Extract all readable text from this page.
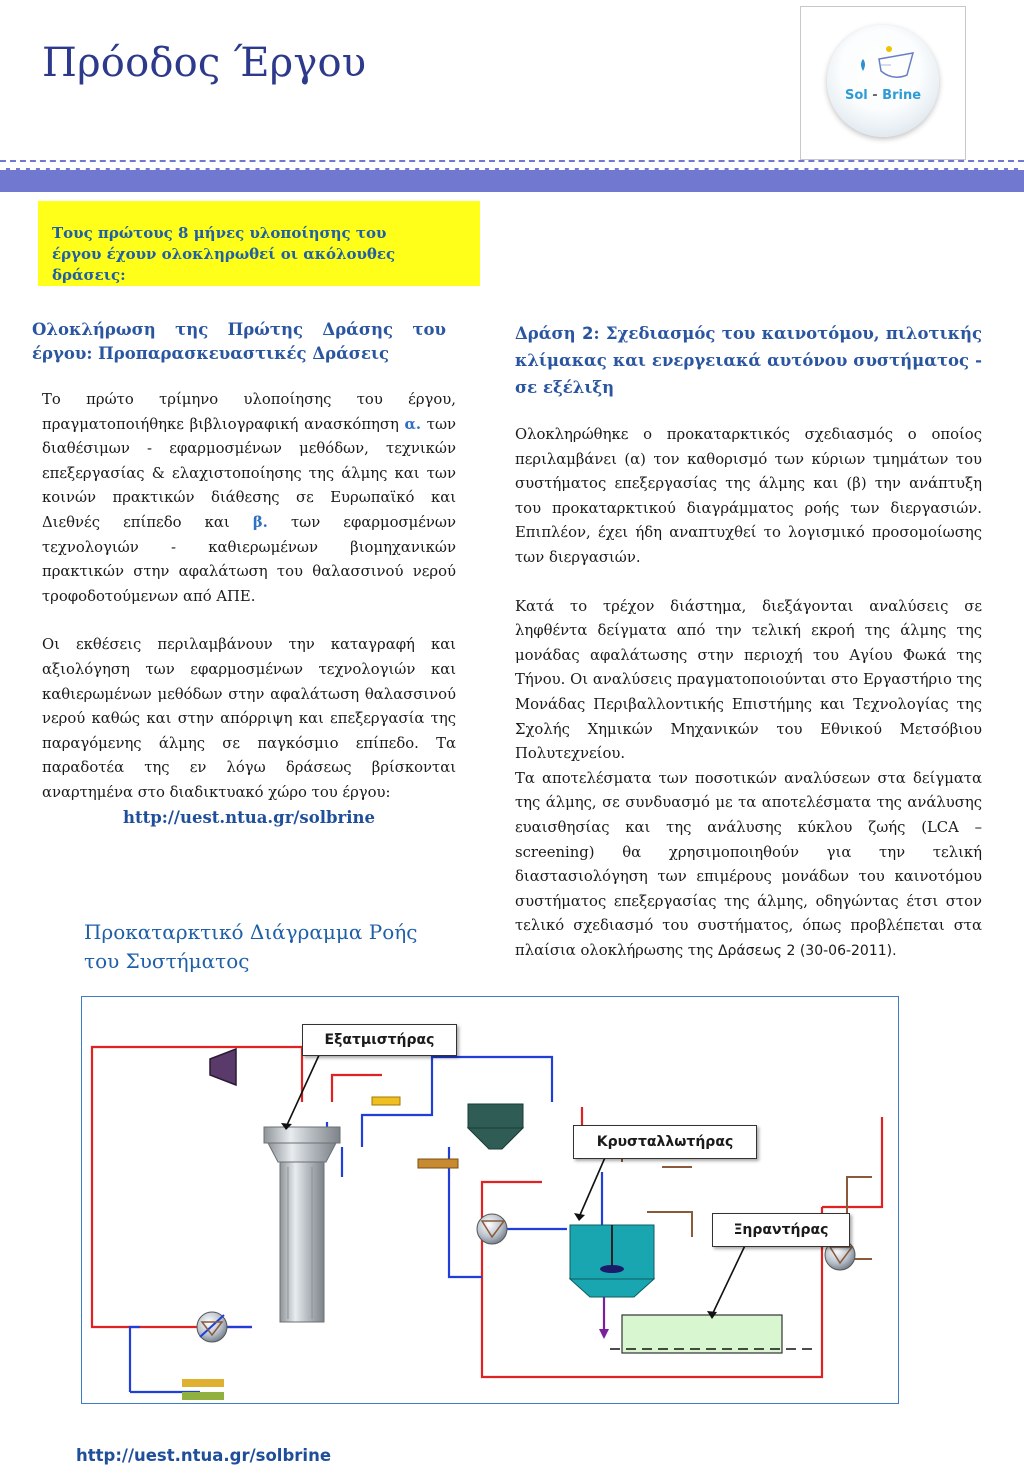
Πρόοδος Έργου
Sol - Brine
Τους πρώτους 8 μήνες υλοποίησης του
έργου έχουν ολοκληρωθεί οι ακόλουθες δράσεις:

Ολοκλήρωση της Πρώτης Δράσης του έργου: Προπαρασκευαστικές Δράσεις

Το πρώτο τρίμηνο υλοποίησης του έργου, πραγματοποιήθηκε βιβλιογραφική ανασκόπηση α. των διαθέσιμων - εφαρμοσμένων μεθόδων, τεχνικών επεξεργασίας & ελαχιστοποίησης της άλμης και των κοινών πρακτικών διάθεσης σε Ευρωπαϊκό και Διεθνές επίπεδο και β. των εφαρμοσμένων τεχνολογιών - καθιερωμένων βιομηχανικών πρακτικών στην αφαλάτωση του θαλασσινού νερού τροφοδοτούμενων από ΑΠΕ.

Οι εκθέσεις περιλαμβάνουν την καταγραφή και αξιολόγηση των εφαρμοσμένων τεχνολογιών και καθιερωμένων μεθόδων στην αφαλάτωση θαλασσινού νερού καθώς και στην απόρριψη και επεξεργασία της παραγόμενης άλμης σε παγκόσμιο επίπεδο. Τα παραδοτέα της εν λόγω δράσεως βρίσκονται αναρτημένα στο διαδικτυακό χώρο του έργου:

http://uest.ntua.gr/solbrine

Δράση 2: Σχεδιασμός του καινοτόμου, πιλοτικής κλίμακας και ενεργειακά αυτόνου συστήματος - σε εξέλιξη

Ολοκληρώθηκε ο προκαταρκτικός σχεδιασμός ο οποίος περιλαμβάνει (α) τον καθορισμό των κύριων τμημάτων του συστήματος επεξεργασίας της άλμης και (β) την ανάπτυξη του προκαταρκτικού διαγράμματος ροής των διεργασιών. Επιπλέον, έχει ήδη αναπτυχθεί το λογισμικό προσομοίωσης των διεργασιών.

Κατά το τρέχον διάστημα, διεξάγονται αναλύσεις σε ληφθέντα δείγματα από την τελική εκροή της άλμης της μονάδας αφαλάτωσης στην περιοχή του Αγίου Φωκά της Τήνου. Οι αναλύσεις πραγματοποιούνται στο Εργαστήριο της Μονάδας Περιβαλλοντικής Επιστήμης και Τεχνολογίας της Σχολής Χημικών Μηχανικών του Εθνικού Μετσόβιου Πολυτεχνείου.

Τα αποτελέσματα των ποσοτικών αναλύσεων στα δείγματα της άλμης, σε συνδυασμό με τα αποτελέσματα της ανάλυσης ευαισθησίας και της ανάλυσης κύκλου ζωής (LCA – screening) θα χρησιμοποιηθούν για την τελική διαστασιολόγηση των επιμέρους μονάδων του καινοτόμου συστήματος επεξεργασίας της άλμης, οδηγώντας έτσι στον τελικό σχεδιασμό του συστήματος, όπως προβλέπεται στα πλαίσια ολοκλήρωσης της Δράσεως 2 (30-06-2011).

Προκαταρκτικό Διάγραμμα Ροής του Συστήματος
Εξατμιστήρας
Κρυσταλλωτήρας
Ξηραντήρας
http://uest.ntua.gr/solbrine
